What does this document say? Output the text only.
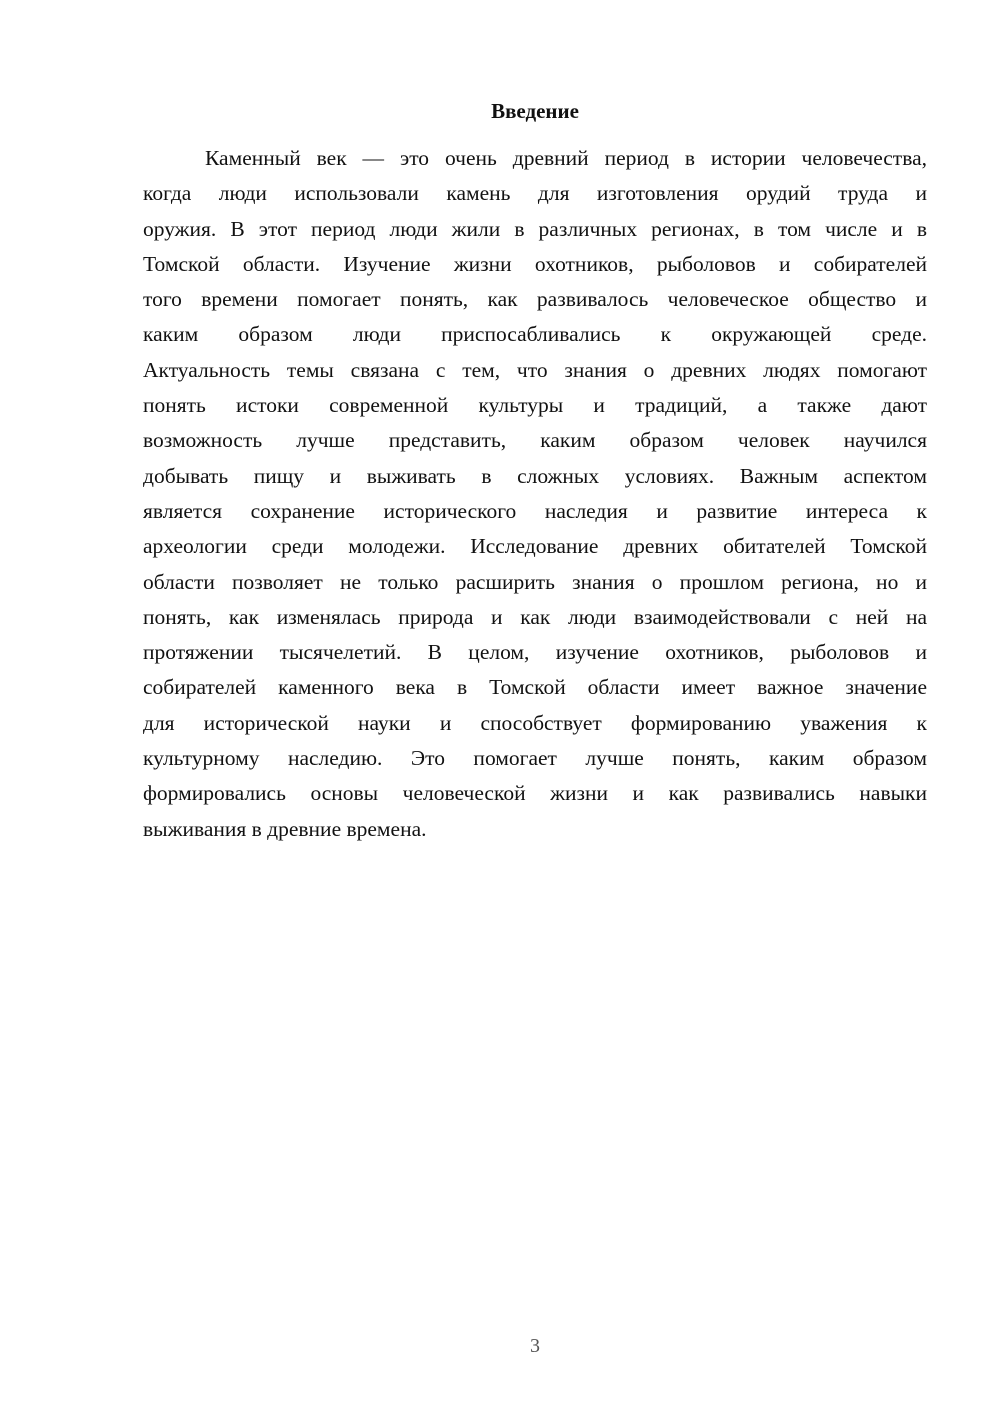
Введение

Каменный век — это очень древний период в истории человечества,
когда люди использовали камень для изготовления орудий труда и
оружия. В этот период люди жили в различных регионах, в том числе и в
Томской области. Изучение жизни охотников, рыболовов и собирателей
того времени помогает понять, как развивалось человеческое общество и
каким образом люди приспосабливались к окружающей среде.
Актуальность темы связана с тем, что знания о древних людях помогают
понять истоки современной культуры и традиций, а также дают
возможность лучше представить, каким образом человек научился
добывать пищу и выживать в сложных условиях. Важным аспектом
является сохранение исторического наследия и развитие интереса к
археологии среди молодежи. Исследование древних обитателей Томской
области позволяет не только расширить знания о прошлом региона, но и
понять, как изменялась природа и как люди взаимодействовали с ней на
протяжении тысячелетий. В целом, изучение охотников, рыболовов и
собирателей каменного века в Томской области имеет важное значение
для исторической науки и способствует формированию уважения к
культурному наследию. Это помогает лучше понять, каким образом
формировались основы человеческой жизни и как развивались навыки
выживания в древние времена.

3
